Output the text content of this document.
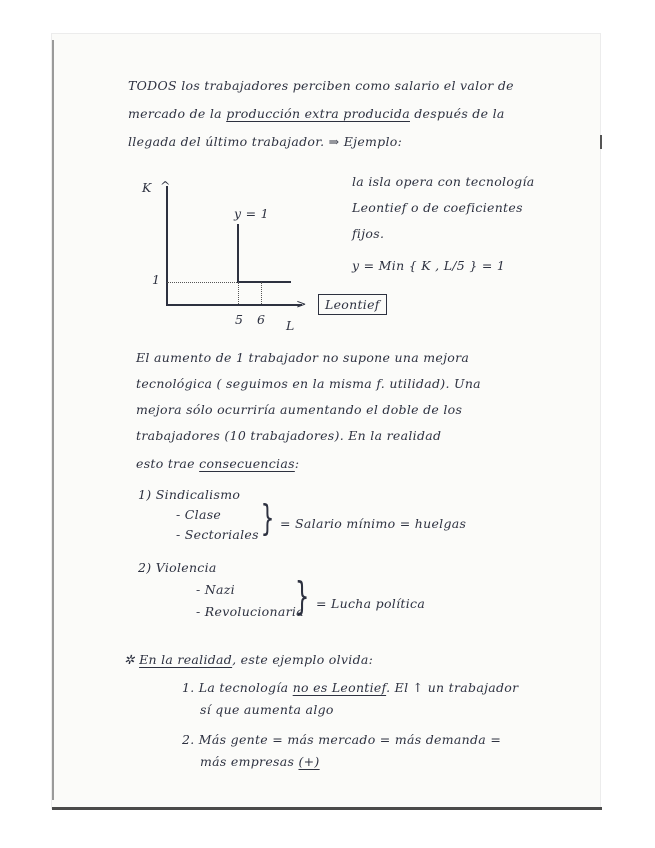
TODOS los trabajadores perciben como salario el valor de

mercado de la producción extra producida después de la

llegada del último trabajador. ⇒ Ejemplo:

K ^
>
y = 1
1
5 6 L
Leontief

la isla opera con tecnología

Leontief o de coeficientes

fijos.

y = Min { K , L/5 } = 1

El aumento de 1 trabajador no supone una mejora

tecnológica ( seguimos en la misma f. utilidad). Una

mejora sólo ocurriría aumentando el doble de los

trabajadores (10 trabajadores). En la realidad

esto trae consecuencias:

1) Sindicalismo

- Clase

- Sectoriales } = Salario mínimo = huelgas

2) Violencia

- Nazi

- Revolucionaria

} = Lucha política

✲ En la realidad, este ejemplo olvida:

1. La tecnología no es Leontief. El ↑ un trabajador

sí que aumenta algo

2. Más gente = más mercado = más demanda =

más empresas (+)
